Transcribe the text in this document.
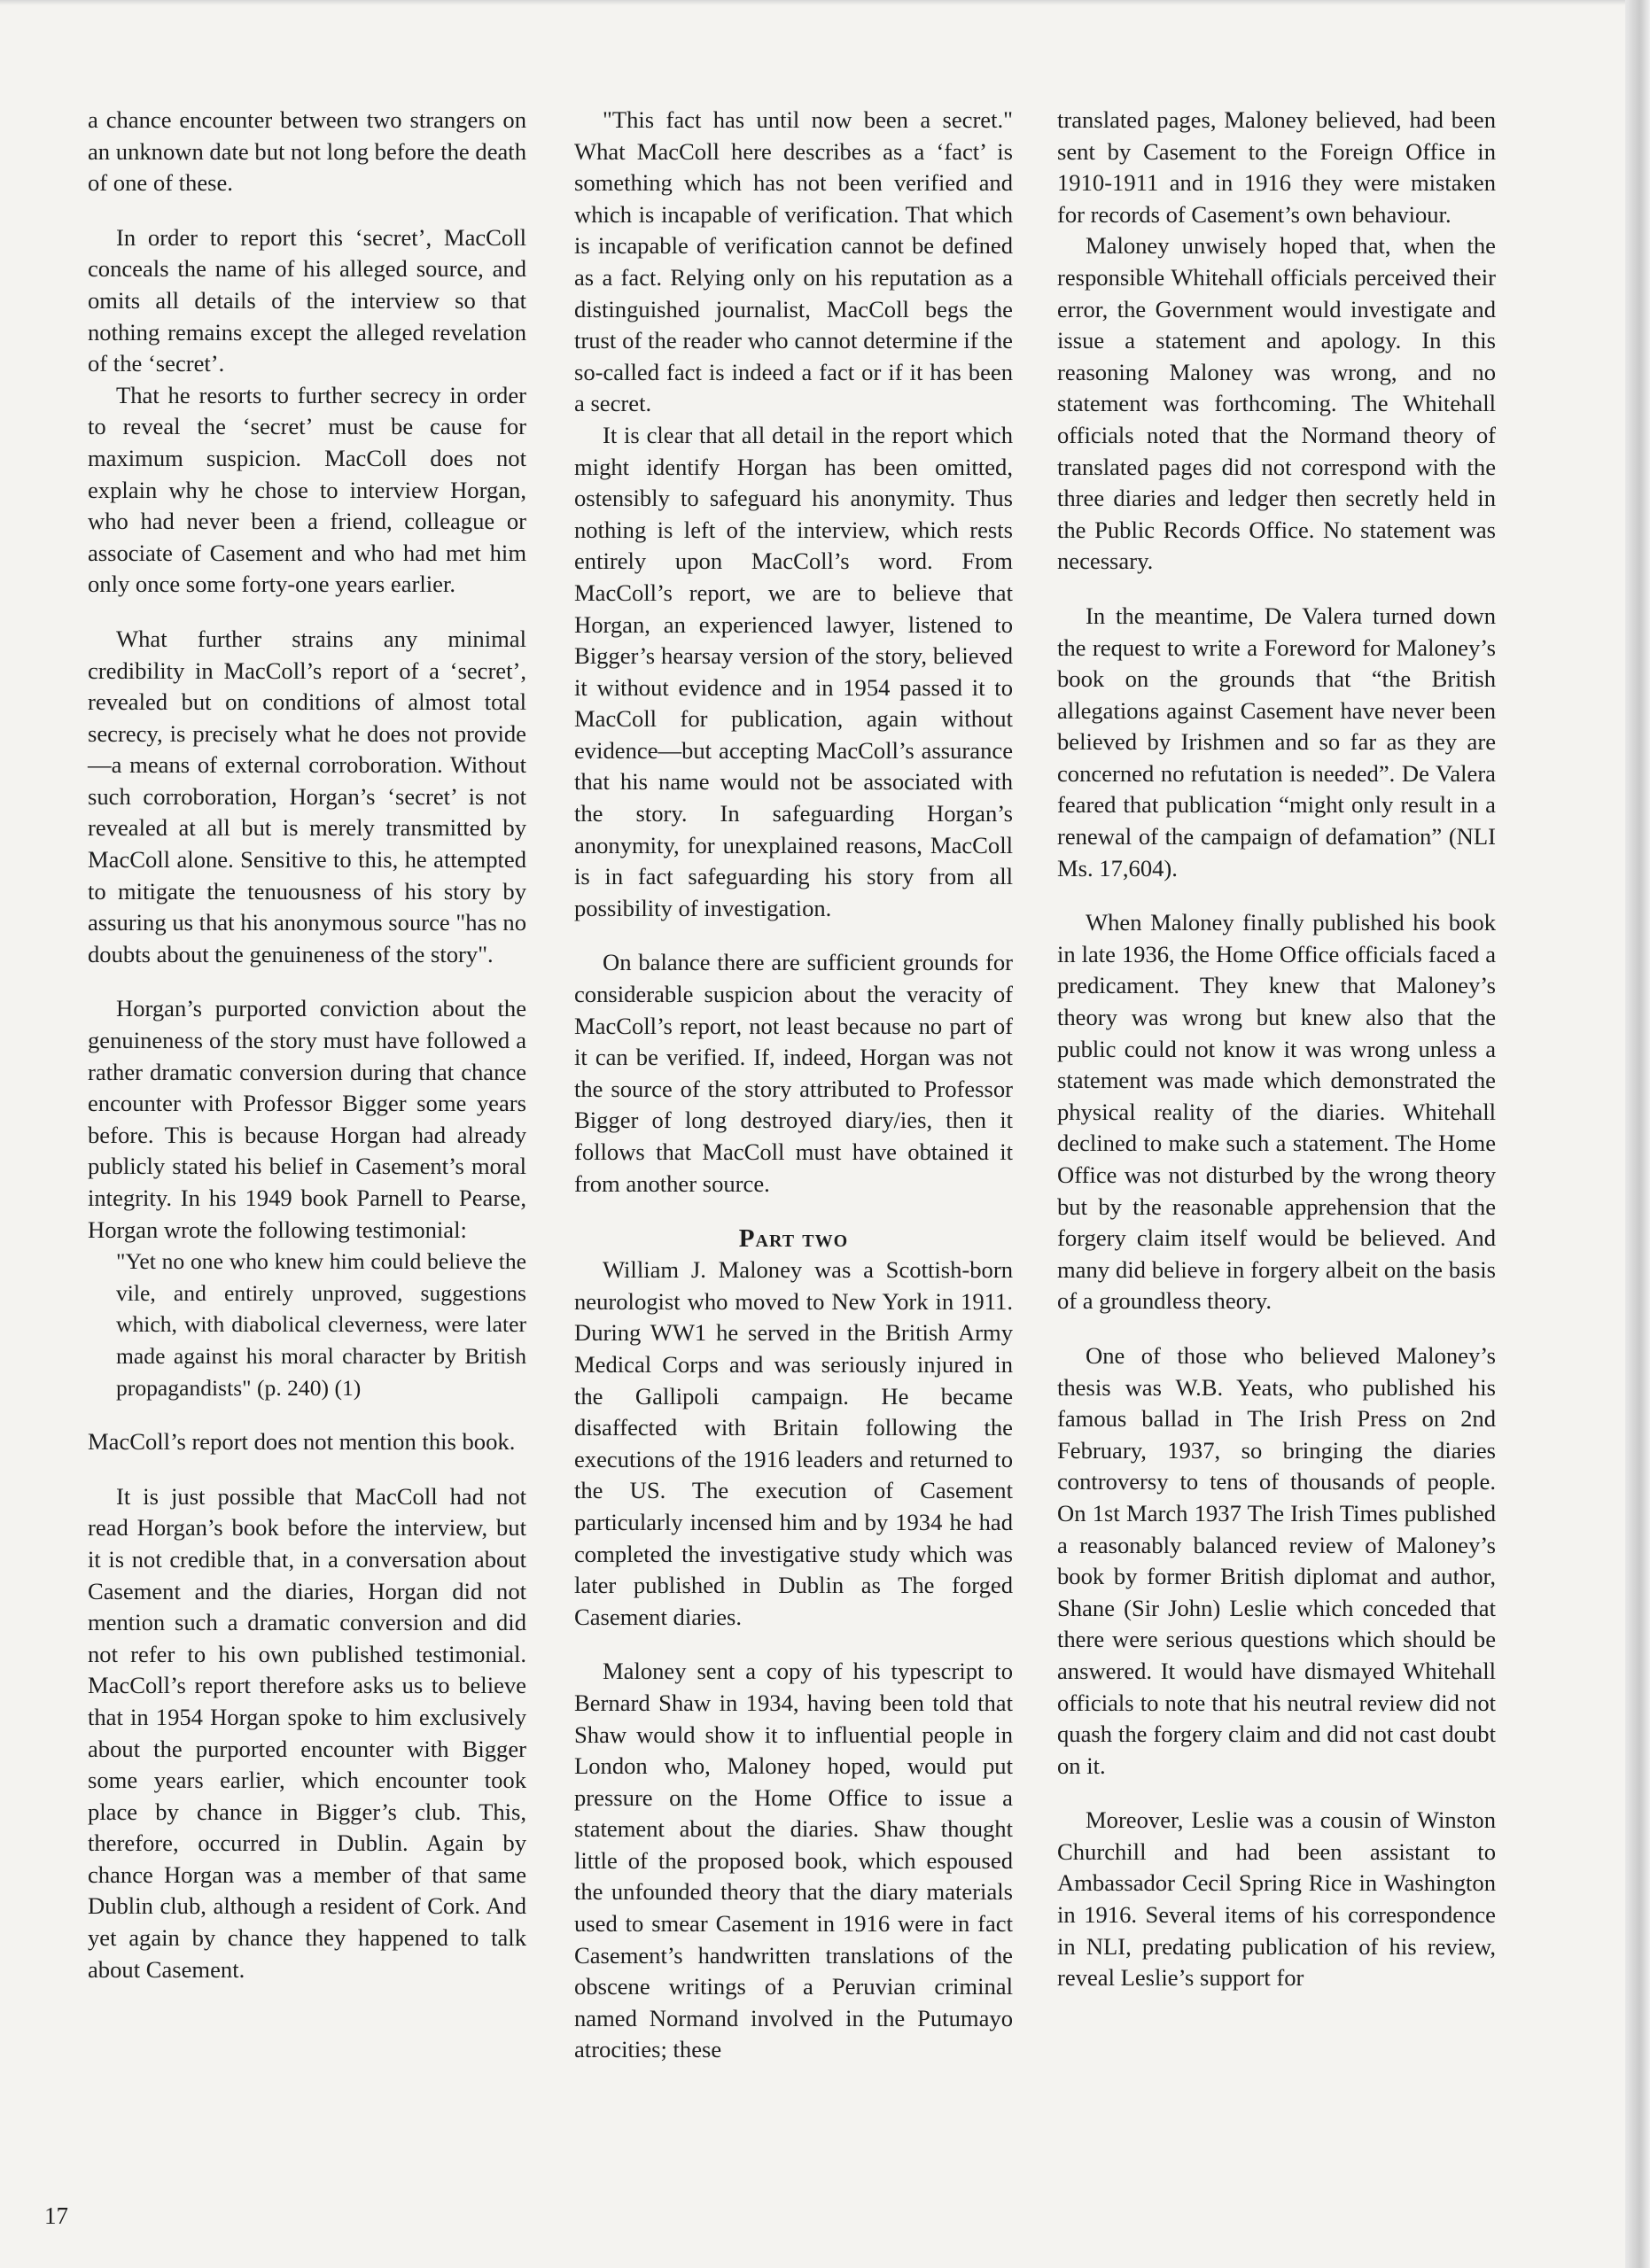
a chance encounter between two strangers on an unknown date but not long before the death of one of these.

In order to report this ‘secret’, MacColl conceals the name of his alleged source, and omits all details of the interview so that nothing remains except the alleged revelation of the ‘secret’.

That he resorts to further secrecy in order to reveal the ‘secret’ must be cause for maximum suspicion. MacColl does not explain why he chose to interview Horgan, who had never been a friend, colleague or associate of Casement and who had met him only once some forty-one years earlier.

What further strains any minimal credibility in MacColl’s report of a ‘secret’, revealed but on conditions of almost total secrecy, is precisely what he does not provide—a means of external corroboration. Without such corroboration, Horgan’s ‘secret’ is not revealed at all but is merely transmitted by MacColl alone. Sensitive to this, he attempted to mitigate the tenuousness of his story by assuring us that his anonymous source "has no doubts about the genuineness of the story".

Horgan’s purported conviction about the genuineness of the story must have followed a rather dramatic conversion during that chance encounter with Professor Bigger some years before. This is because Horgan had already publicly stated his belief in Casement’s moral integrity. In his 1949 book Parnell to Pearse, Horgan wrote the following testimonial:

"Yet no one who knew him could believe the vile, and entirely unproved, suggestions which, with diabolical cleverness, were later made against his moral character by British propagandists" (p. 240) (1)

MacColl’s report does not mention this book.

It is just possible that MacColl had not read Horgan’s book before the interview, but it is not credible that, in a conversation about Casement and the diaries, Horgan did not mention such a dramatic conversion and did not refer to his own published testimonial. MacColl’s report therefore asks us to believe that in 1954 Horgan spoke to him exclusively about the purported encounter with Bigger some years earlier, which encounter took place by chance in Bigger’s club. This, therefore, occurred in Dublin. Again by chance Horgan was a member of that same Dublin club, although a resident of Cork. And yet again by chance they happened to talk about Casement.

"This fact has until now been a secret." What MacColl here describes as a ‘fact’ is something which has not been verified and which is incapable of verification. That which is incapable of verification cannot be defined as a fact. Relying only on his reputation as a distinguished journalist, MacColl begs the trust of the reader who cannot determine if the so-called fact is indeed a fact or if it has been a secret.

It is clear that all detail in the report which might identify Horgan has been omitted, ostensibly to safeguard his anonymity. Thus nothing is left of the interview, which rests entirely upon MacColl’s word. From MacColl’s report, we are to believe that Horgan, an experienced lawyer, listened to Bigger’s hearsay version of the story, believed it without evidence and in 1954 passed it to MacColl for publication, again without evidence—but accepting MacColl’s assurance that his name would not be associated with the story. In safeguarding Horgan’s anonymity, for unexplained reasons, MacColl is in fact safeguarding his story from all possibility of investigation.

On balance there are sufficient grounds for considerable suspicion about the veracity of MacColl’s report, not least because no part of it can be verified. If, indeed, Horgan was not the source of the story attributed to Professor Bigger of long destroyed diary/ies, then it follows that MacColl must have obtained it from another source.

Part two

William J. Maloney was a Scottish-born neurologist who moved to New York in 1911. During WW1 he served in the British Army Medical Corps and was seriously injured in the Gallipoli campaign. He became disaffected with Britain following the executions of the 1916 leaders and returned to the US. The execution of Casement particularly incensed him and by 1934 he had completed the investigative study which was later published in Dublin as The forged Casement diaries.

Maloney sent a copy of his typescript to Bernard Shaw in 1934, having been told that Shaw would show it to influential people in London who, Maloney hoped, would put pressure on the Home Office to issue a statement about the diaries. Shaw thought little of the proposed book, which espoused the unfounded theory that the diary materials used to smear Casement in 1916 were in fact Casement’s handwritten translations of the obscene writings of a Peruvian criminal named Normand involved in the Putumayo atrocities; these

translated pages, Maloney believed, had been sent by Casement to the Foreign Office in 1910-1911 and in 1916 they were mistaken for records of Casement’s own behaviour.

Maloney unwisely hoped that, when the responsible Whitehall officials perceived their error, the Government would investigate and issue a statement and apology. In this reasoning Maloney was wrong, and no statement was forthcoming. The Whitehall officials noted that the Normand theory of translated pages did not correspond with the three diaries and ledger then secretly held in the Public Records Office. No statement was necessary.

In the meantime, De Valera turned down the request to write a Foreword for Maloney’s book on the grounds that “the British allegations against Casement have never been believed by Irishmen and so far as they are concerned no refutation is needed”. De Valera feared that publication “might only result in a renewal of the campaign of defamation” (NLI Ms. 17,604).

When Maloney finally published his book in late 1936, the Home Office officials faced a predicament. They knew that Maloney’s theory was wrong but knew also that the public could not know it was wrong unless a statement was made which demonstrated the physical reality of the diaries. Whitehall declined to make such a statement. The Home Office was not disturbed by the wrong theory but by the reasonable apprehension that the forgery claim itself would be believed. And many did believe in forgery albeit on the basis of a groundless theory.

One of those who believed Maloney’s thesis was W.B. Yeats, who published his famous ballad in The Irish Press on 2nd February, 1937, so bringing the diaries controversy to tens of thousands of people. On 1st March 1937 The Irish Times published a reasonably balanced review of Maloney’s book by former British diplomat and author, Shane (Sir John) Leslie which conceded that there were serious questions which should be answered. It would have dismayed Whitehall officials to note that his neutral review did not quash the forgery claim and did not cast doubt on it.

Moreover, Leslie was a cousin of Winston Churchill and had been assistant to Ambassador Cecil Spring Rice in Washington in 1916. Several items of his correspondence in NLI, predating publication of his review, reveal Leslie’s support for

17
